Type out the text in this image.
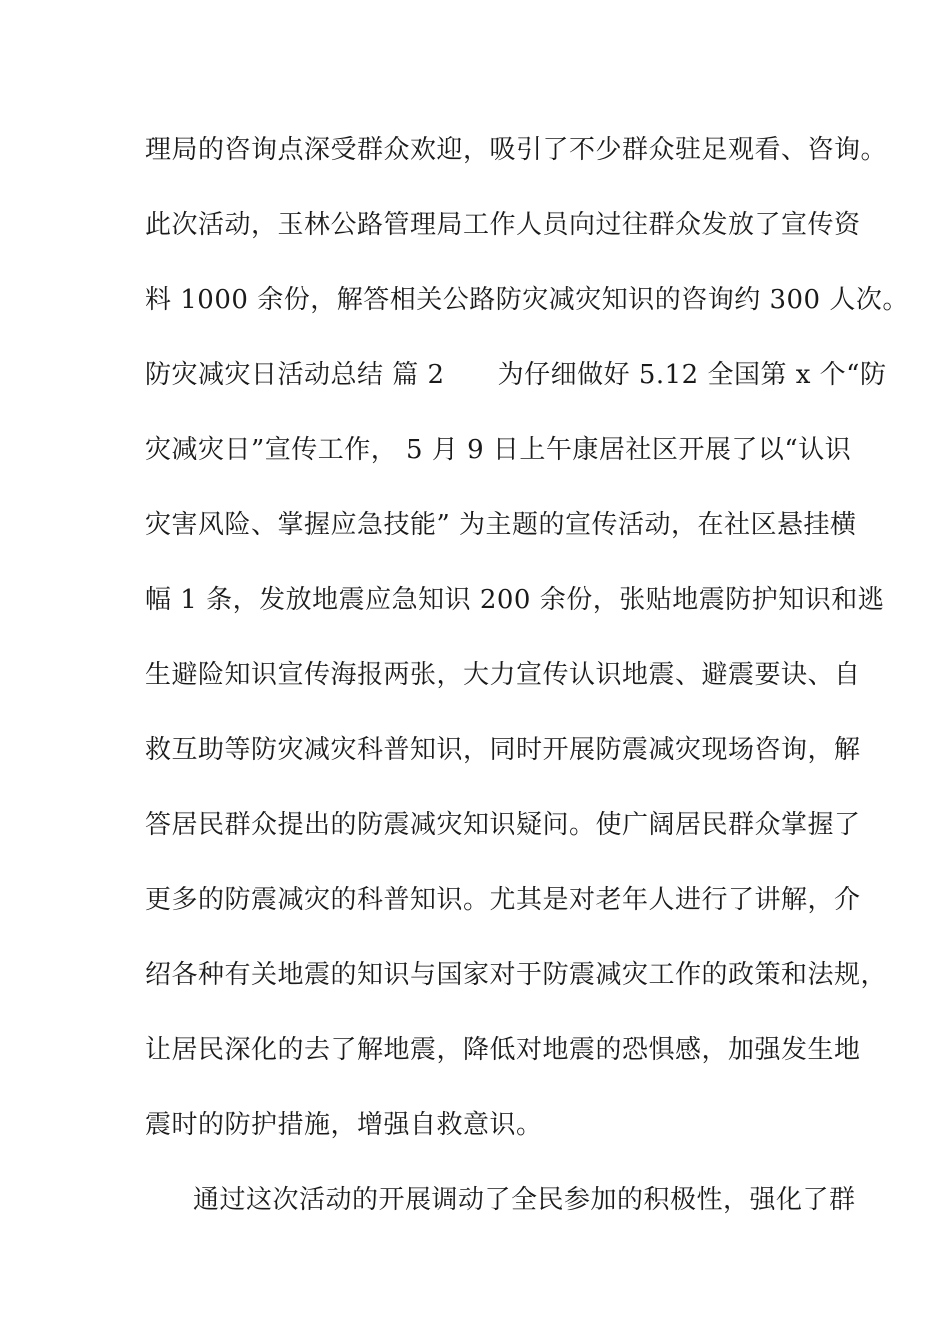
理局的咨询点深受群众欢迎，吸引了不少群众驻足观看、咨询。
此次活动，玉林公路管理局工作人员向过往群众发放了宣传资
料 1000 余份，解答相关公路防灾减灾知识的咨询约 300 人次。
防灾减灾日活动总结 篇 2　　为仔细做好 5.12 全国第 x 个“防
灾减灾日”宣传工作， 5 月 9 日上午康居社区开展了以“认识
灾害风险、掌握应急技能” 为主题的宣传活动，在社区悬挂横
幅 1 条，发放地震应急知识 200 余份，张贴地震防护知识和逃
生避险知识宣传海报两张，大力宣传认识地震、避震要诀、自
救互助等防灾减灾科普知识，同时开展防震减灾现场咨询，解
答居民群众提出的防震减灾知识疑问。使广阔居民群众掌握了
更多的防震减灾的科普知识。尤其是对老年人进行了讲解，介
绍各种有关地震的知识与国家对于防震减灾工作的政策和法规，
让居民深化的去了解地震，降低对地震的恐惧感，加强发生地
震时的防护措施，增强自救意识。
通过这次活动的开展调动了全民参加的积极性，强化了群
